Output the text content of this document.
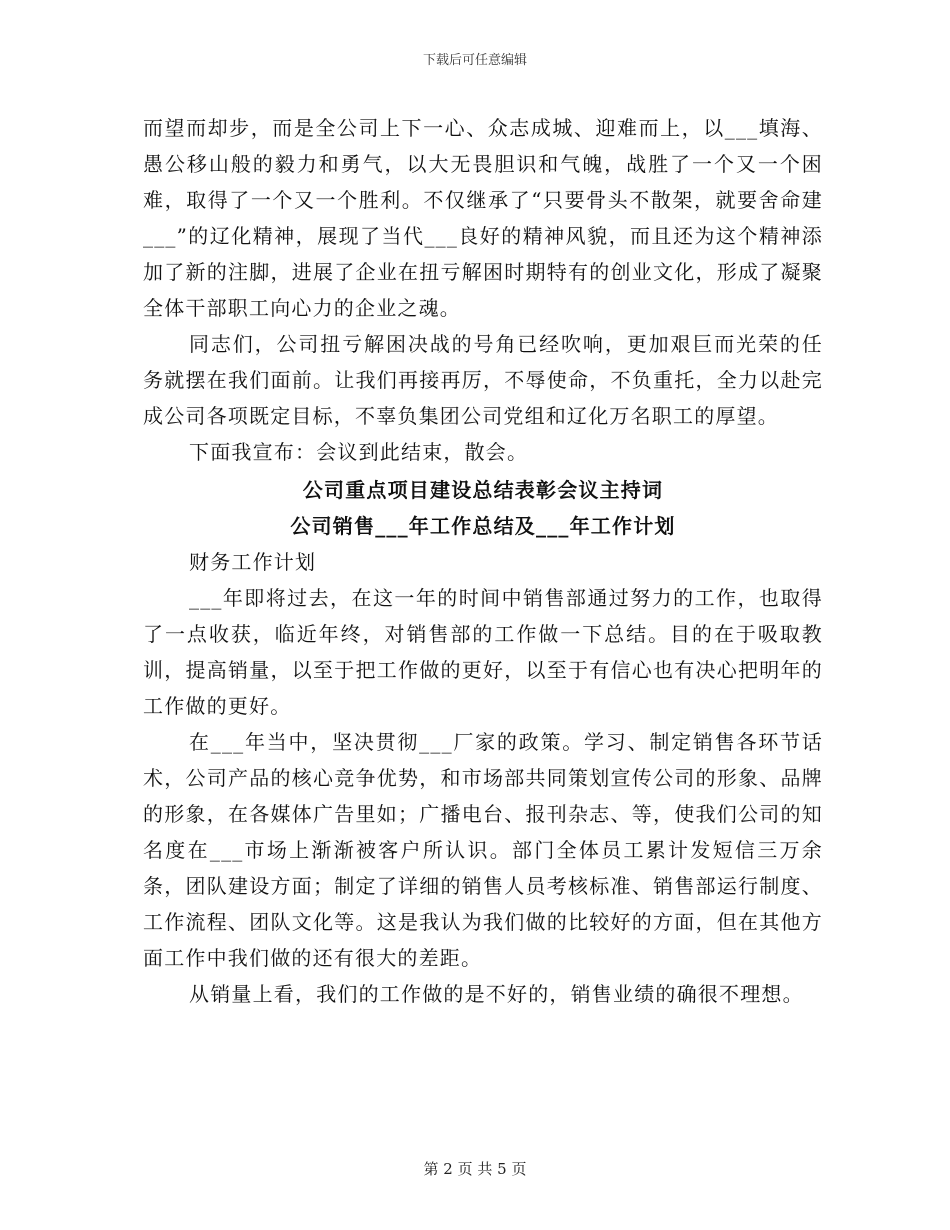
下载后可任意编辑

而望而却步，而是全公司上下一心、众志成城、迎难而上，以___填海、愚公移山般的毅力和勇气，以大无畏胆识和气魄，战胜了一个又一个困难，取得了一个又一个胜利。不仅继承了“只要骨头不散架，就要舍命建___”的辽化精神，展现了当代___良好的精神风貌，而且还为这个精神添加了新的注脚，进展了企业在扭亏解困时期特有的创业文化，形成了凝聚全体干部职工向心力的企业之魂。

同志们，公司扭亏解困决战的号角已经吹响，更加艰巨而光荣的任务就摆在我们面前。让我们再接再厉，不辱使命，不负重托，全力以赴完成公司各项既定目标，不辜负集团公司党组和辽化万名职工的厚望。

下面我宣布：会议到此结束，散会。

公司重点项目建设总结表彰会议主持词

公司销售___年工作总结及___年工作计划

财务工作计划

___年即将过去，在这一年的时间中销售部通过努力的工作，也取得了一点收获，临近年终，对销售部的工作做一下总结。目的在于吸取教训，提高销量，以至于把工作做的更好，以至于有信心也有决心把明年的工作做的更好。

在___年当中，坚决贯彻___厂家的政策。学习、制定销售各环节话术，公司产品的核心竞争优势，和市场部共同策划宣传公司的形象、品牌的形象，在各媒体广告里如；广播电台、报刊杂志、等，使我们公司的知名度在___市场上渐渐被客户所认识。部门全体员工累计发短信三万余条，团队建设方面；制定了详细的销售人员考核标准、销售部运行制度、工作流程、团队文化等。这是我认为我们做的比较好的方面，但在其他方面工作中我们做的还有很大的差距。

从销量上看，我们的工作做的是不好的，销售业绩的确很不理想。

第 2 页 共 5 页
